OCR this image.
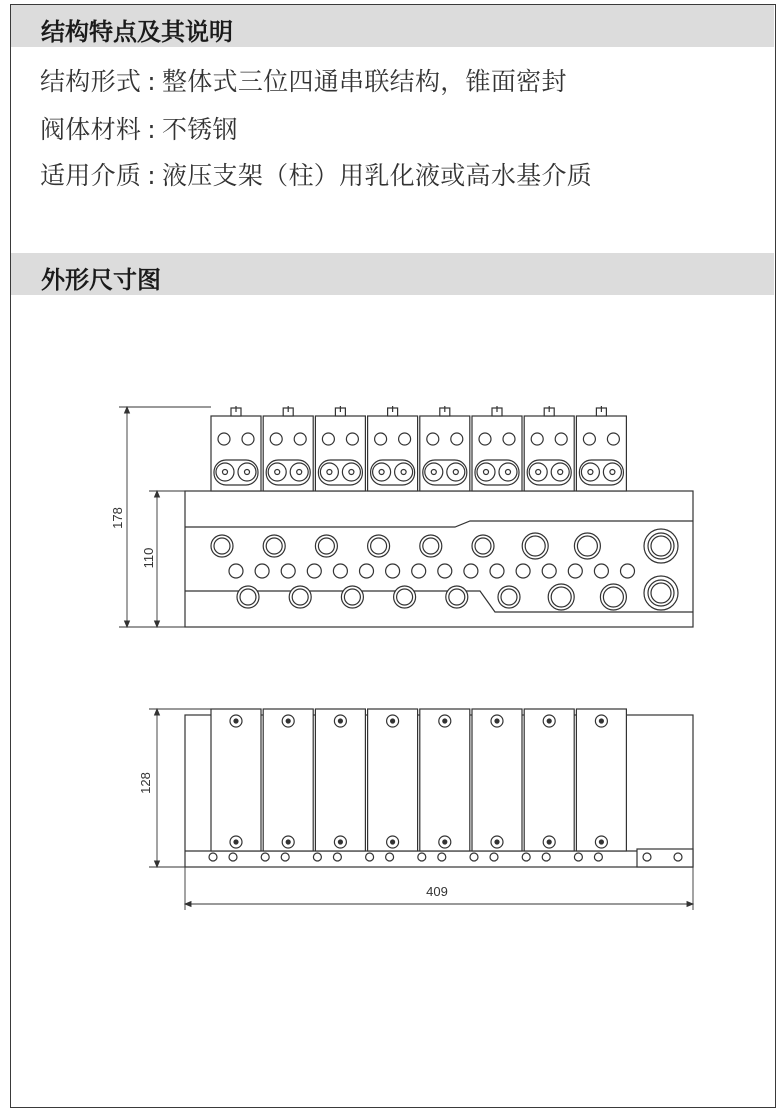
结构特点及其说明
结构形式 : 整体式三位四通串联结构，锥面密封
阀体材料 : 不锈钢
适用介质 : 液压支架（柱）用乳化液或高水基介质
外形尺寸图
178
110
128
409
